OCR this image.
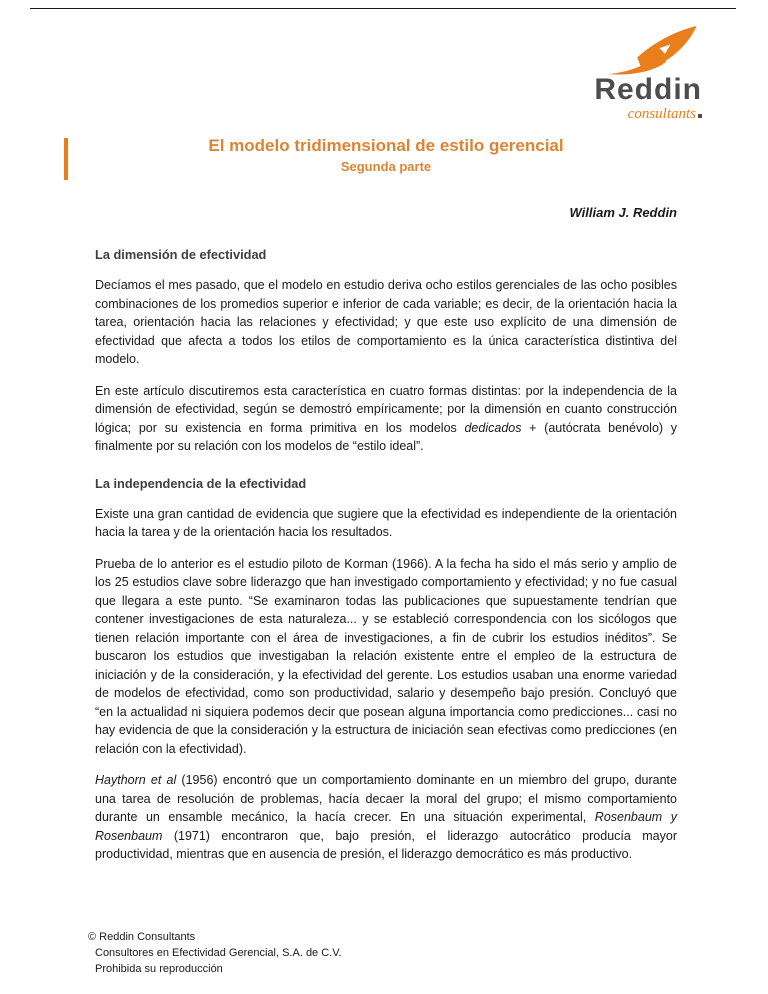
Reddin
consultants
El modelo tridimensional de estilo gerencial
Segunda parte
William J. Reddin
La dimensión de efectividad

Decíamos el mes pasado, que el modelo en estudio deriva ocho estilos gerenciales de las ocho posibles combinaciones de los promedios superior e inferior de cada variable; es decir, de la orientación hacia la tarea, orientación hacia las relaciones y efectividad; y que este uso explícito de una dimensión de efectividad que afecta a todos los etilos de comportamiento es la única característica distintiva del modelo.

En este artículo discutiremos esta característica en cuatro formas distintas: por la independencia de la dimensión de efectividad, según se demostró empíricamente; por la dimensión en cuanto construcción lógica; por su existencia en forma primitiva en los modelos dedicados + (autócrata benévolo) y finalmente por su relación con los modelos de “estilo ideal”.

La independencia de la efectividad

Existe una gran cantidad de evidencia que sugiere que la efectividad es independiente de la orientación hacia la tarea y de la orientación hacia los resultados.

Prueba de lo anterior es el estudio piloto de Korman (1966). A la fecha ha sido el más serio y amplio de los 25 estudios clave sobre liderazgo que han investigado comportamiento y efectividad; y no fue casual que llegara a este punto. “Se examinaron todas las publicaciones que supuestamente tendrían que contener investigaciones de esta naturaleza... y se estableció correspondencia con los sicólogos que tienen relación importante con el área de investigaciones, a fin de cubrir los estudios inéditos”. Se buscaron los estudios que investigaban la relación existente entre el empleo de la estructura de iniciación y de la consideración, y la efectividad del gerente. Los estudios usaban una enorme variedad de modelos de efectividad, como son productividad, salario y desempeño bajo presión. Concluyó que “en la actualidad ni siquiera podemos decir que posean alguna importancia como predicciones... casi no hay evidencia de que la consideración y la estructura de iniciación sean efectivas como predicciones (en relación con la efectividad).

Haythorn et al (1956) encontró que un comportamiento dominante en un miembro del grupo, durante una tarea de resolución de problemas, hacía decaer la moral del grupo; el mismo comportamiento durante un ensamble mecánico, la hacía crecer. En una situación experimental, Rosenbaum y Rosenbaum (1971) encontraron que, bajo presión, el liderazgo autocrático producía mayor productividad, mientras que en ausencia de presión, el liderazgo democrático es más productivo.

© Reddin Consultants
Consultores en Efectividad Gerencial, S.A. de C.V.
Prohibida su reproducción
